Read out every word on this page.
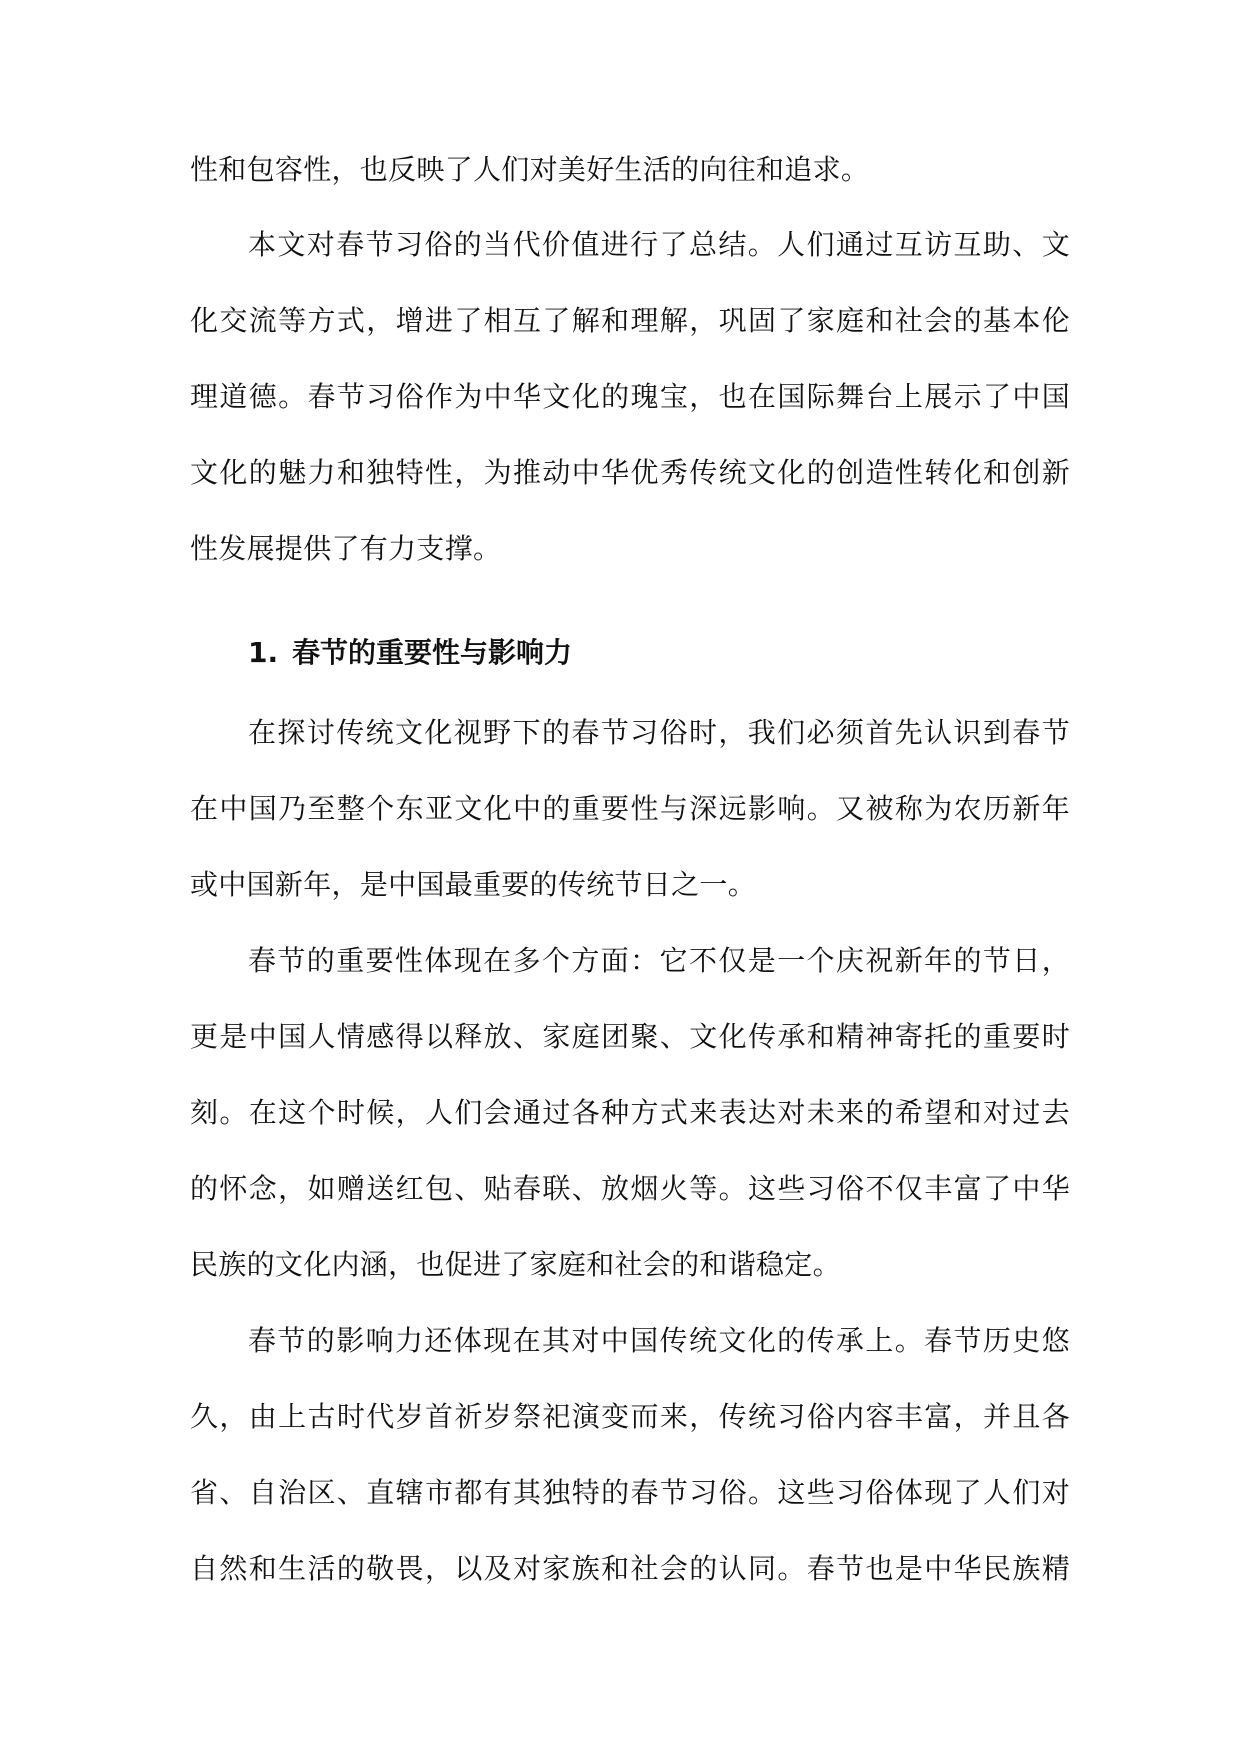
性和包容性，也反映了人们对美好生活的向往和追求。
本文对春节习俗的当代价值进行了总结。人们通过互访互助、文
化交流等方式，增进了相互了解和理解，巩固了家庭和社会的基本伦
理道德。春节习俗作为中华文化的瑰宝，也在国际舞台上展示了中国
文化的魅力和独特性，为推动中华优秀传统文化的创造性转化和创新
性发展提供了有力支撑。
1. 春节的重要性与影响力
在探讨传统文化视野下的春节习俗时，我们必须首先认识到春节
在中国乃至整个东亚文化中的重要性与深远影响。又被称为农历新年
或中国新年，是中国最重要的传统节日之一。
春节的重要性体现在多个方面：它不仅是一个庆祝新年的节日，
更是中国人情感得以释放、家庭团聚、文化传承和精神寄托的重要时
刻。在这个时候，人们会通过各种方式来表达对未来的希望和对过去
的怀念，如赠送红包、贴春联、放烟火等。这些习俗不仅丰富了中华
民族的文化内涵，也促进了家庭和社会的和谐稳定。
春节的影响力还体现在其对中国传统文化的传承上。春节历史悠
久，由上古时代岁首祈岁祭祀演变而来，传统习俗内容丰富，并且各
省、自治区、直辖市都有其独特的春节习俗。这些习俗体现了人们对
自然和生活的敬畏，以及对家族和社会的认同。春节也是中华民族精
